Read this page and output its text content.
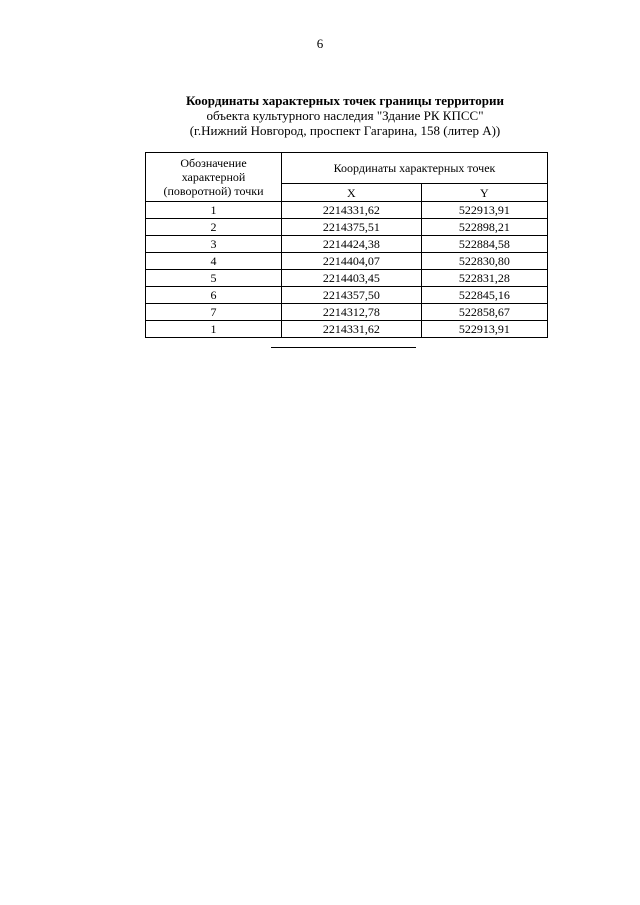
6
Координаты характерных точек границы территории
объекта культурного наследия "Здание РК КПСС"
(г.Нижний Новгород, проспект Гагарина, 158 (литер А))
Обозначение характерной (поворотной) точки	Координаты характерных точек	
	X	Y
1	2214331,62	522913,91
2	2214375,51	522898,21
3	2214424,38	522884,58
4	2214404,07	522830,80
5	2214403,45	522831,28
6	2214357,50	522845,16
7	2214312,78	522858,67
1	2214331,62	522913,91
